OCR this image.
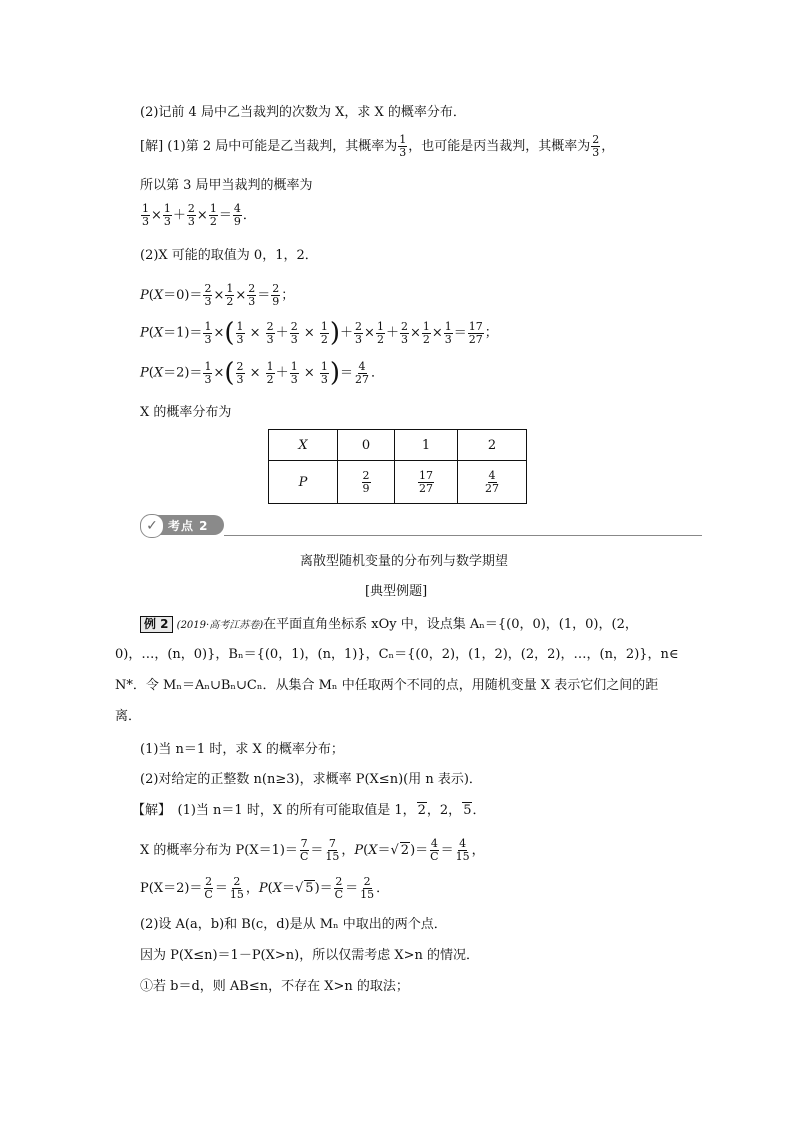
(2)记前 4 局中乙当裁判的次数为 X，求 X 的概率分布．
[解] (1)第 2 局中可能是乙当裁判，其概率为 $\frac{1}{3}$ ，也可能是丙当裁判，其概率为 $\frac{2}{3}$ ，
所以第 3 局甲当裁判的概率为
$\frac{1}{3} \times \frac{1}{3} + \frac{2}{3} \times \frac{1}{2} = \frac{4}{9}$ ．
(2)X 可能的取值为 0，1，2．
$P(X=0)= \frac{2}{3} \times \frac{1}{2} \times \frac{2}{3} = \frac{2}{9}$ ；
$P(X=1)= \frac{1}{3}$ ×( $\frac{1}{3} \times \frac{2}{3} + \frac{2}{3} \times \frac{1}{2}$ )＋ $\frac{2}{3} \times \frac{1}{2} + \frac{2}{3} \times \frac{1}{2} \times \frac{1}{3} = \frac{17}{27}$ ；
$P(X=2)= \frac{1}{3}$ ×( $\frac{2}{3} \times \frac{1}{2} + \frac{1}{3} \times \frac{1}{3}$ )＝ $\frac{4}{27}$ ．
X 的概率分布为
X	0	1	2
P	$\frac{2}{9}$	$\frac{17}{27}$	$\frac{4}{27}$
✓ 考点 2
离散型随机变量的分布列与数学期望
[典型例题]
例 2 (2019·高考江苏卷)在平面直角坐标系 xOy 中，设点集 Aₙ＝{(0，0)，(1，0)，(2，
0)，…，(n，0)}，Bₙ＝{(0，1)，(n，1)}，Cₙ＝{(0，2)，(1，2)，(2，2)，…，(n，2)}，n∈
N*．令 Mₙ＝Aₙ∪Bₙ∪Cₙ．从集合 Mₙ 中任取两个不同的点，用随机变量 X 表示它们之间的距
离．
(1)当 n＝1 时，求 X 的概率分布；
(2)对给定的正整数 n(n≥3)，求概率 P(X≤n)(用 n 表示)．
【解】　(1)当 n＝1 时，X 的所有可能取值是 1， 2，2， 5．
X 的概率分布为 $P(X=1)= \frac{7}{C} = \frac{7}{15}$ ，P(X＝√ $2)= \frac{4}{C} = \frac{4}{15}$ ，
$P(X=2)= \frac{2}{C} = \frac{2}{15}$ ，P(X＝√ $5)= \frac{2}{C} = \frac{2}{15}$ ．
(2)设 A(a，b)和 B(c，d)是从 Mₙ 中取出的两个点．
因为 P(X≤n)＝1－P(X>n)，所以仅需考虑 X>n 的情况．
①若 b＝d，则 AB≤n，不存在 X>n 的取法；
